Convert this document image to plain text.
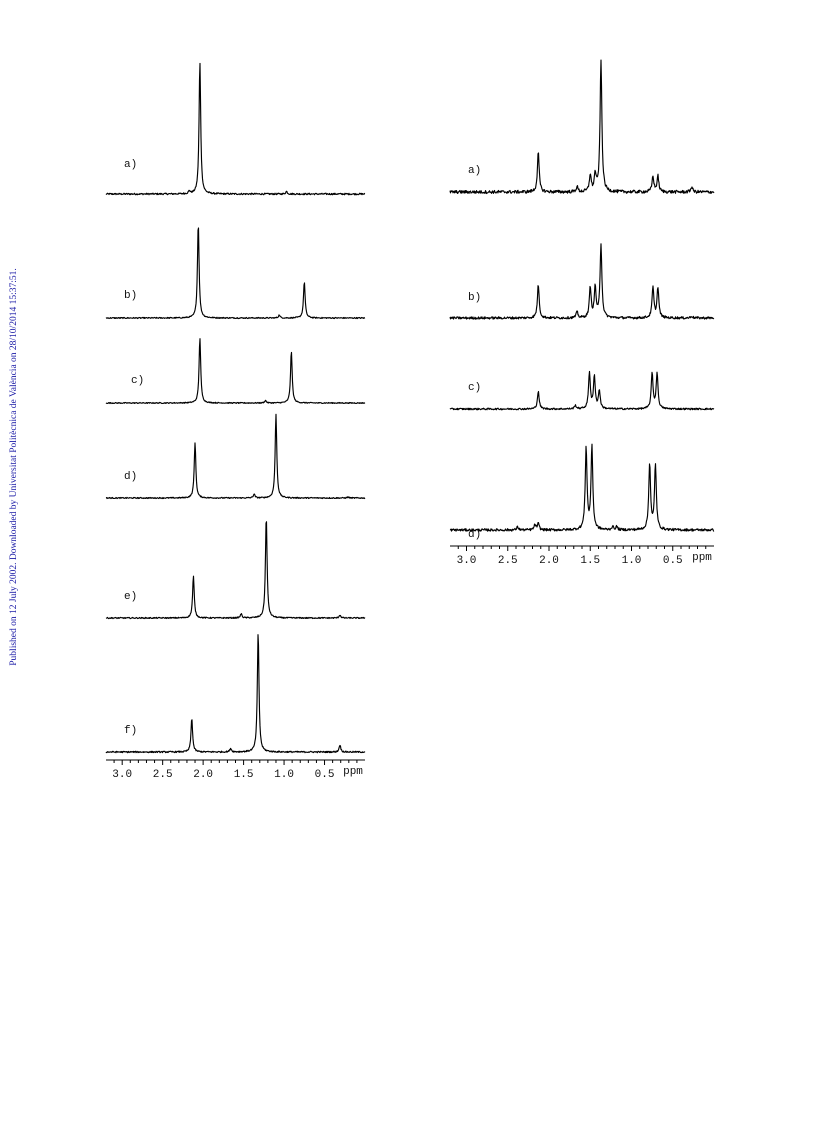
Published on 12 July 2002. Downloaded by Universitat Politècnica de València on 28/10/2014 15:37:51.
a)
b)
c)
d)
e)
f)
3.0 2.5 2.0 1.5 1.0 0.5 ppm
a)
b)
c)
d)
3.0 2.5 2.0 1.5 1.0 0.5 ppm
